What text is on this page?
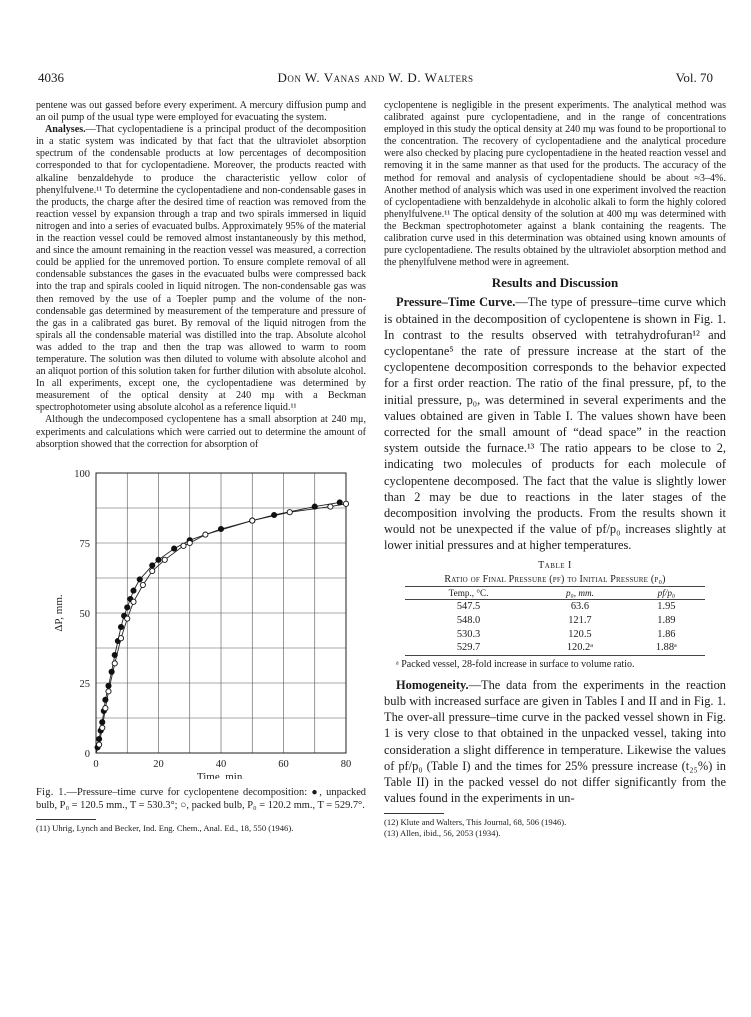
4036	Don W. Vanas and W. D. Walters	Vol. 70

pentene was out gassed before every experiment. A mercury diffusion pump and an oil pump of the usual type were employed for evacuating the system.

Analyses.—That cyclopentadiene is a principal product of the decomposition in a static system was indicated by that fact that the ultraviolet absorption spectrum of the condensable products at low percentages of decomposition corresponded to that for cyclopentadiene. Moreover, the products reacted with alkaline benzaldehyde to produce the characteristic yellow color of phenylfulvene.¹¹ To determine the cyclopentadiene and non-condensable gases in the products, the charge after the desired time of reaction was removed from the reaction vessel by expansion through a trap and two spirals immersed in liquid nitrogen and into a series of evacuated bulbs. Approximately 95% of the material in the reaction vessel could be removed almost instantaneously by this method, and since the amount remaining in the reaction vessel was measured, a correction could be applied for the unremoved portion. To ensure complete removal of all condensable substances the gases in the evacuated bulbs were compressed back into the trap and spirals cooled in liquid nitrogen. The non-condensable gas was then removed by the use of a Toepler pump and the volume of the non-condensable gas determined by measurement of the temperature and pressure of the gas in a calibrated gas buret. By removal of the liquid nitrogen from the spirals all the condensable material was distilled into the trap. Absolute alcohol was added to the trap and then the trap was allowed to warm to room temperature. The solution was then diluted to volume with absolute alcohol and an aliquot portion of this solution taken for further dilution with absolute alcohol. In all experiments, except one, the cyclopentadiene was determined by measurement of the optical density at 240 mμ with a Beckman spectrophotometer using absolute alcohol as a reference liquid.¹¹

Although the undecomposed cyclopentene has a small absorption at 240 mμ, experiments and calculations which were carried out to determine the amount of absorption showed that the correction for absorption of

0	20	40	60	80
0
25
50
75
100
Time, min.
ΔP, mm.
Fig. 1.—Pressure–time curve for cyclopentene decomposition: ●, unpacked bulb, P₀ = 120.5 mm., T = 530.3°; ○, packed bulb, P₀ = 120.2 mm., T = 529.7°.
(11) Uhrig, Lynch and Becker, Ind. Eng. Chem., Anal. Ed., 18, 550 (1946).

cyclopentene is negligible in the present experiments. The analytical method was calibrated against pure cyclopentadiene, and in the range of concentrations employed in this study the optical density at 240 mμ was found to be proportional to the concentration. The recovery of cyclopentadiene and the analytical procedure were also checked by placing pure cyclopentadiene in the heated reaction vessel and removing it in the same manner as that used for the products. The accuracy of the method for removal and analysis of cyclopentadiene should be about ≈3–4%. Another method of analysis which was used in one experiment involved the reaction of cyclopentadiene with benzaldehyde in alcoholic alkali to form the highly colored phenylfulvene.¹¹ The optical density of the solution at 400 mμ was determined with the Beckman spectrophotometer against a blank containing the reagents. The calibration curve used in this determination was obtained using known amounts of pure cyclopentadiene. The results obtained by the ultraviolet absorption method and the phenylfulvene method were in agreement.

Results and Discussion

Pressure–Time Curve.—The type of pressure–time curve which is obtained in the decomposition of cyclopentene is shown in Fig. 1. In contrast to the results observed with tetrahydrofuran¹² and cyclopentane⁵ the rate of pressure increase at the start of the cyclopentene decomposition corresponds to the behavior expected for a first order reaction. The ratio of the final pressure, pf, to the initial pressure, p₀, was determined in several experiments and the values obtained are given in Table I. The values shown have been corrected for the small amount of “dead space” in the reaction system outside the furnace.¹³ The ratio appears to be close to 2, indicating two molecules of products for each molecule of cyclopentene decomposed. The fact that the value is slightly lower than 2 may be due to reactions in the later stages of the decomposition involving the products. From the results shown it would not be unexpected if the value of pf/p₀ increases slightly at lower initial pressures and at higher temperatures.

Table I
Ratio of Final Pressure (pf) to Initial Pressure (p₀)
Temp., °C.	p₀, mm.	pf/p₀
547.5	63.6	1.95
548.0	121.7	1.89
530.3	120.5	1.86
529.7	120.2ᵃ	1.88ᵃ
ᵃ Packed vessel, 28-fold increase in surface to volume ratio.

Homogeneity.—The data from the experiments in the reaction bulb with increased surface are given in Tables I and II and in Fig. 1. The over-all pressure–time curve in the packed vessel shown in Fig. 1 is very close to that obtained in the unpacked vessel, taking into consideration a slight difference in temperature. Likewise the values of pf/p₀ (Table I) and the times for 25% pressure increase (t₂₅%) in Table II) in the packed vessel do not differ significantly from the values found in the experiments in un-

(12) Klute and Walters, This Journal, 68, 506 (1946).
(13) Allen, ibid., 56, 2053 (1934).
